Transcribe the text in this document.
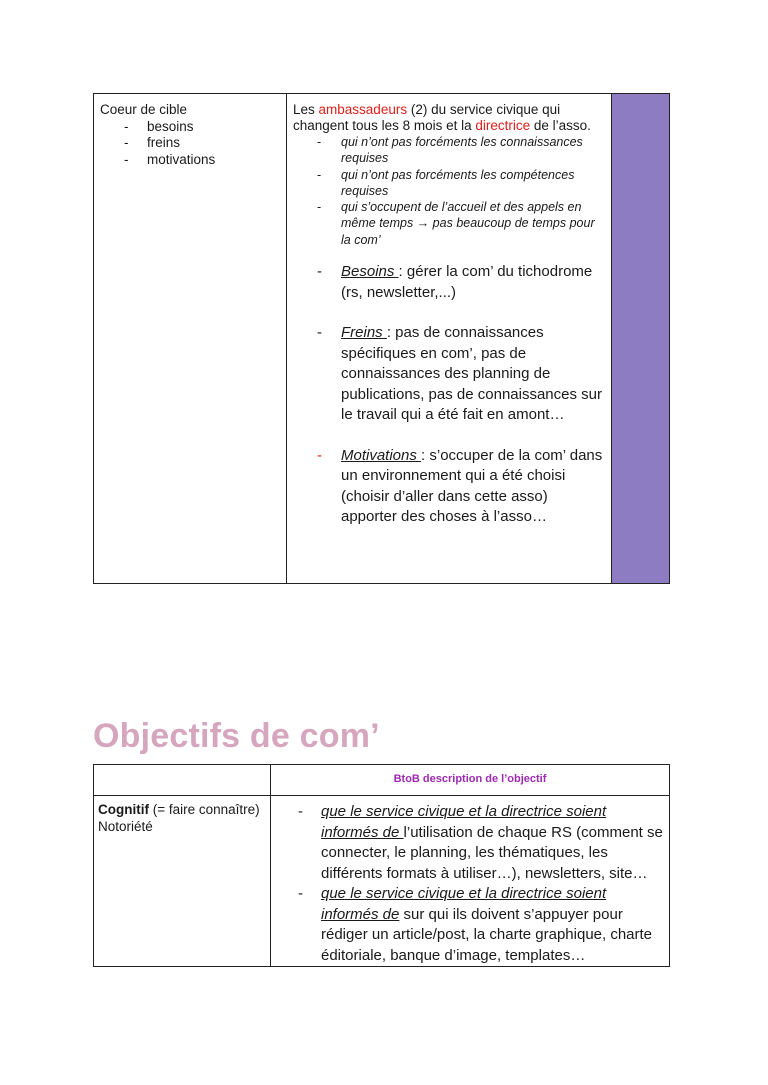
Coeur de cible
- besoins
- freins
- motivations
Les ambassadeurs (2) du service civique qui changent tous les 8 mois et la directrice de l’asso.
- qui n’ont pas forcéments les connaissances requises
- qui n’ont pas forcéments les compétences requises
- qui s’occupent de l’accueil et des appels en même temps → pas beaucoup de temps pour la com’
- Besoins : gérer la com’ du tichodrome (rs, newsletter,...)
- Freins : pas de connaissances spécifiques en com’, pas de connaissances des planning de publications, pas de connaissances sur le travail qui a été fait en amont…
- Motivations : s’occuper de la com’ dans un environnement qui a été choisi (choisir d’aller dans cette asso) apporter des choses à l’asso…
Objectifs de com’
BtoB description de l’objectif
Cognitif (= faire connaître)
Notoriété
- que le service civique et la directrice soient informés de l’utilisation de chaque RS (comment se connecter, le planning, les thématiques, les différents formats à utiliser…), newsletters, site…
- que le service civique et la directrice soient informés de sur qui ils doivent s’appuyer pour rédiger un article/post, la charte graphique, charte éditoriale, banque d’image, templates…
